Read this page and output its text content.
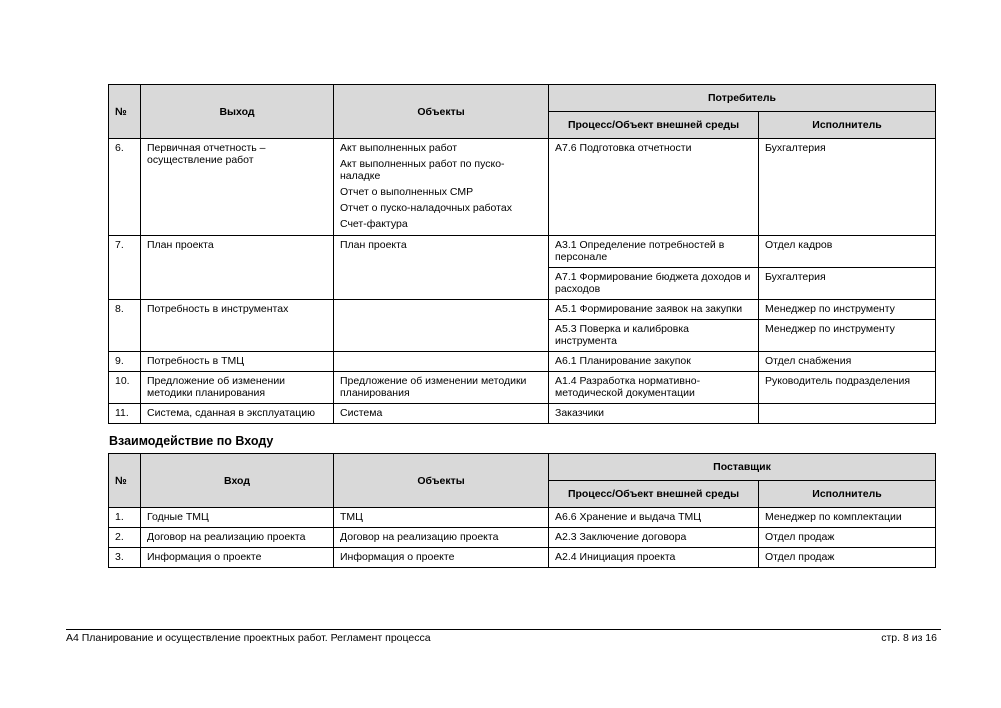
№	Выход	Объекты	Потребитель	
			Процесс/Объект внешней среды	Исполнитель
6.	Первичная отчетность – осуществление работ	Акт выполненных работ
Акт выполненных работ по пуско-наладке
Отчет о выполненных СМР
Отчет о пуско-наладочных работах
Счет-фактура	А7.6 Подготовка отчетности	Бухгалтерия
7.	План проекта	План проекта	А3.1 Определение потребностей в персонале	Отдел кадров
			А7.1 Формирование бюджета доходов и расходов	Бухгалтерия
8.	Потребность в инструментах		А5.1 Формирование заявок на закупки	Менеджер по инструменту
			А5.3 Поверка и калибровка инструмента	Менеджер по инструменту
9.	Потребность в ТМЦ		А6.1 Планирование закупок	Отдел снабжения
10.	Предложение об изменении методики планирования	Предложение об изменении методики планирования	А1.4 Разработка нормативно-методической документации	Руководитель подразделения
11.	Система, сданная в эксплуатацию	Система	Заказчики	
Взаимодействие по Входу
№	Вход	Объекты	Поставщик	
			Процесс/Объект внешней среды	Исполнитель
1.	Годные ТМЦ	ТМЦ	А6.6 Хранение и выдача ТМЦ	Менеджер по комплектации
2.	Договор на реализацию проекта	Договор на реализацию проекта	А2.3 Заключение договора	Отдел продаж
3.	Информация о проекте	Информация о проекте	А2.4 Инициация проекта	Отдел продаж
А4 Планирование и осуществление проектных работ. Регламент процесса	стр. 8 из 16
